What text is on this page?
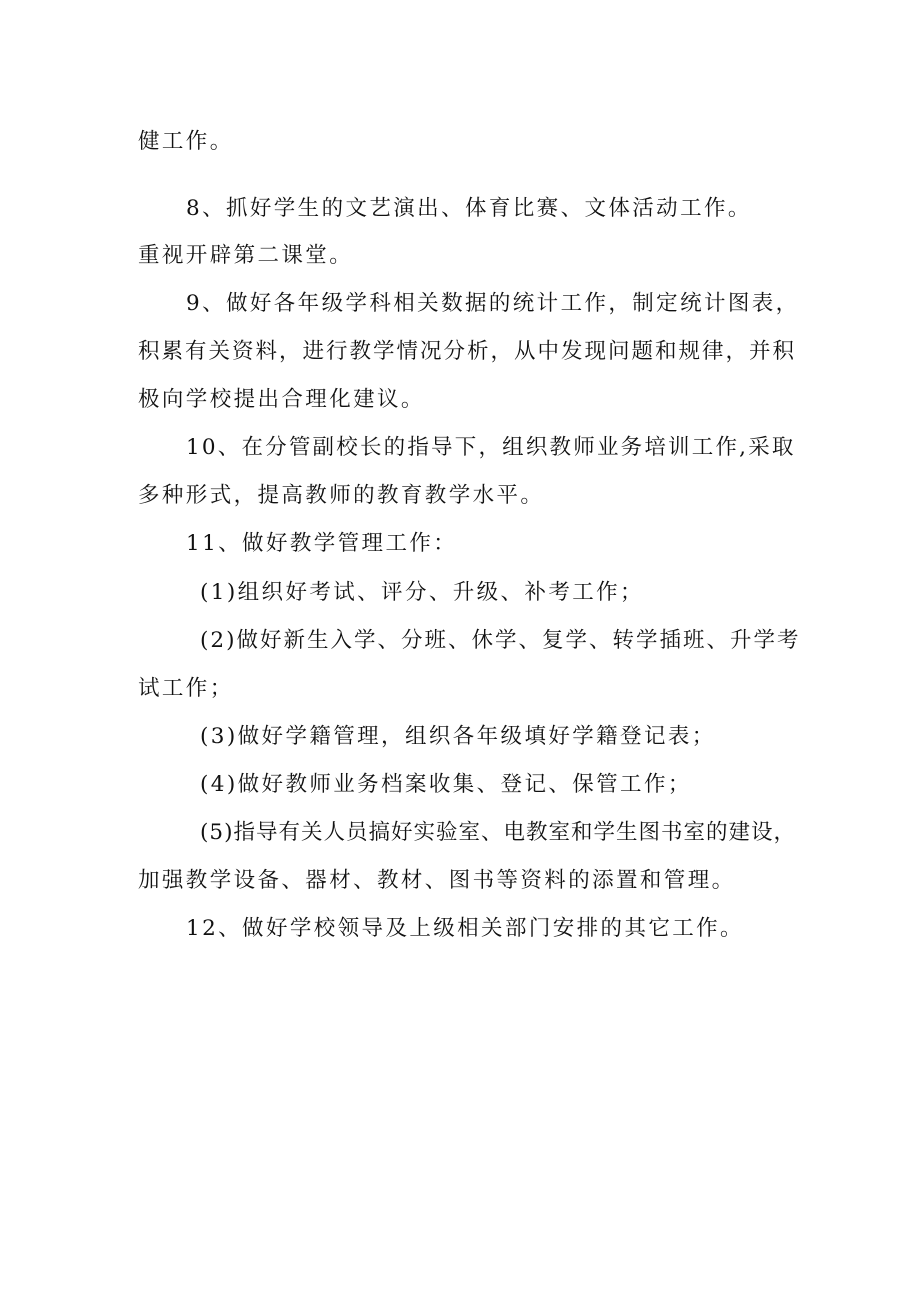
健工作。
8、抓好学生的文艺演出、体育比赛、文体活动工作。
重视开辟第二课堂。
9、做好各年级学科相关数据的统计工作，制定统计图表，
积累有关资料，进行教学情况分析，从中发现问题和规律，并积
极向学校提出合理化建议。
10、在分管副校长的指导下，组织教师业务培训工作,采取
多种形式，提高教师的教育教学水平。
11、做好教学管理工作：
(1)组织好考试、评分、升级、补考工作；
(2)做好新生入学、分班、休学、复学、转学插班、升学考
试工作；
(3)做好学籍管理，组织各年级填好学籍登记表；
(4)做好教师业务档案收集、登记、保管工作；
(5)指导有关人员搞好实验室、电教室和学生图书室的建设，
加强教学设备、器材、教材、图书等资料的添置和管理。
12、做好学校领导及上级相关部门安排的其它工作。
